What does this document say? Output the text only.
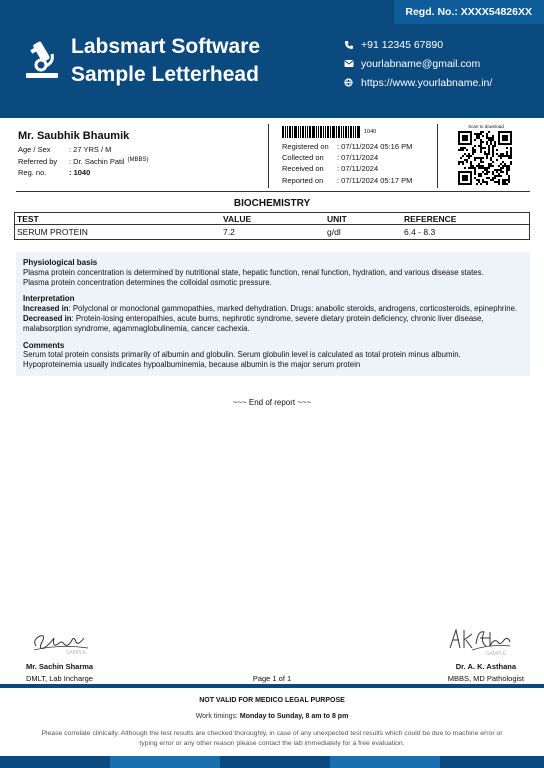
Regd. No.: XXXX54826XX
Labsmart Software
Sample Letterhead
+91 12345 67890
yourlabname@gmail.com
https://www.yourlabname.in/
Mr. Saubhik Bhaumik
Age / Sex	: 27 YRS / M
Referred by	: Dr. Sachin Patil (MBBS)
Reg. no.	: 1040
1040
Registered on	: 07/11/2024 05:16 PM
Collected on	: 07/11/2024
Received on	: 07/11/2024
Reported on	: 07/11/2024 05:17 PM
Scan to download
BIOCHEMISTRY
TEST	VALUE	UNIT	REFERENCE
SERUM PROTEIN	7.2	g/dl	6.4 - 8.3
Physiological basis
Plasma protein concentration is determined by nutritional state, hepatic function, renal function, hydration, and various disease states.
Plasma protein concentration determines the colloidal osmotic pressure.
Interpretation
Increased in: Polyclonal or monoclonal gammopathies, marked dehydration. Drugs: anabolic steroids, androgens, corticosteroids, epinephrine.
Decreased in: Protein-losing enteropathies, acute burns, nephrotic syndrome, severe dietary protein deficiency, chronic liver disease, malabsorption syndrome, agammaglobulinemia, cancer cachexia.
Comments
Serum total protein consists primarily of albumin and globulin. Serum globulin level is calculated as total protein minus albumin.
Hypoproteinemia usually indicates hypoalbuminemia, because albumin is the major serum protein
~~~ End of report ~~~
SAMPLE
Mr. Sachin Sharma
DMLT, Lab Incharge
SAMPLE
Dr. A. K. Asthana
MBBS, MD Pathologist
Page 1 of 1
NOT VALID FOR MEDICO LEGAL PURPOSE
Work timings: Monday to Sunday, 8 am to 8 pm
Please correlate clinically. Although the test results are checked thoroughly, in case of any unexpected test results which could be due to machine error or typing error or any other reason please contact the lab immediately for a free evaluation.
